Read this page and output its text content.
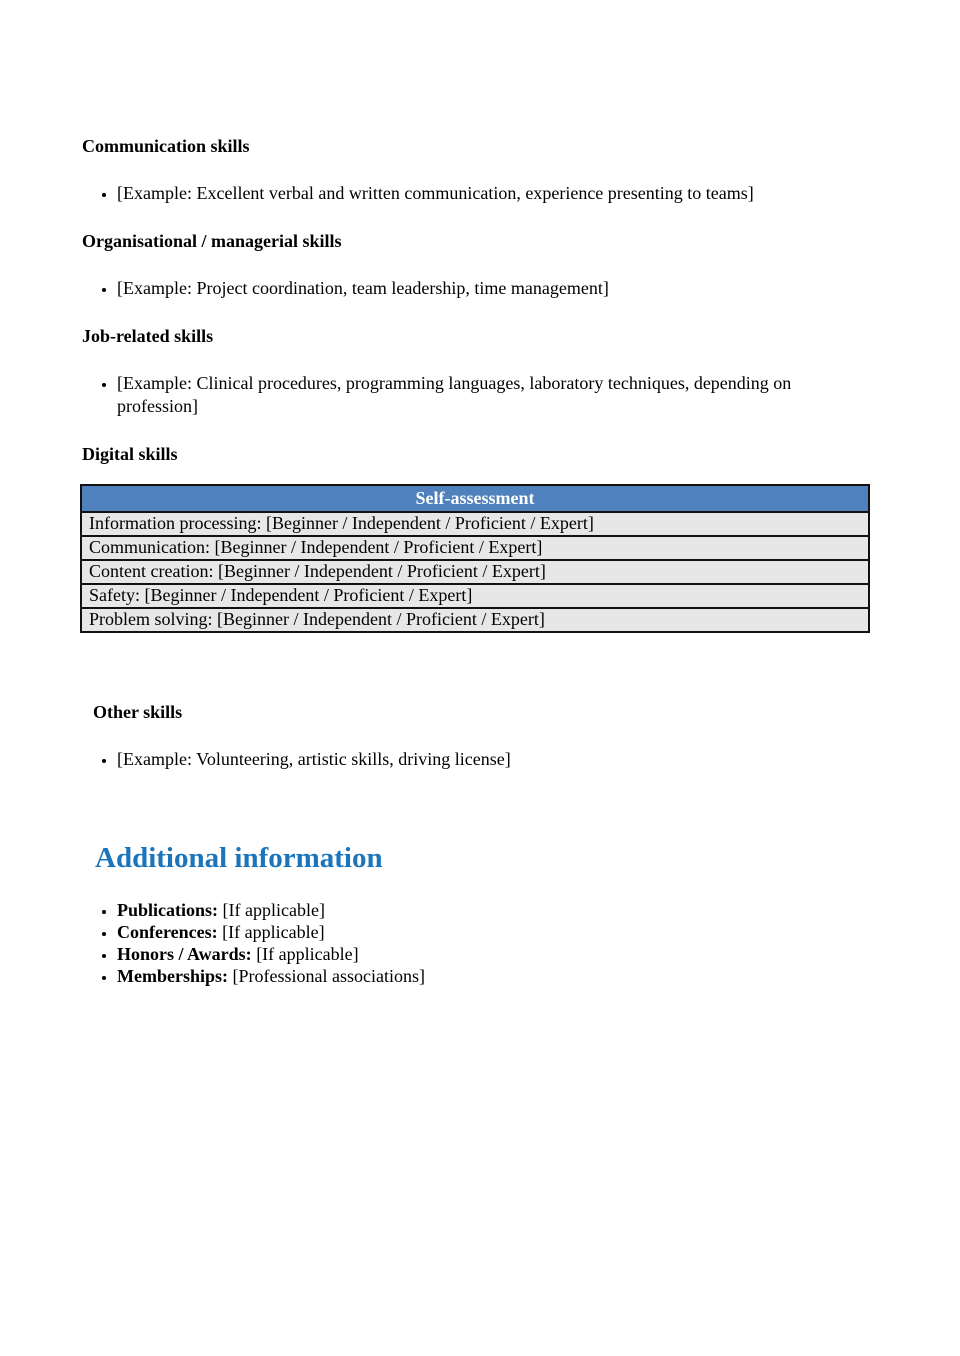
Communication skills
• [Example: Excellent verbal and written communication, experience presenting to teams]
Organisational / managerial skills
• [Example: Project coordination, team leadership, time management]
Job-related skills
• [Example: Clinical procedures, programming languages, laboratory techniques, depending on profession]
Digital skills
Self-assessment
Information processing: [Beginner / Independent / Proficient / Expert]
Communication: [Beginner / Independent / Proficient / Expert]
Content creation: [Beginner / Independent / Proficient / Expert]
Safety: [Beginner / Independent / Proficient / Expert]
Problem solving: [Beginner / Independent / Proficient / Expert]
Other skills
• [Example: Volunteering, artistic skills, driving license]
Additional information
• Publications: [If applicable]
• Conferences: [If applicable]
• Honors / Awards: [If applicable]
• Memberships: [Professional associations]
